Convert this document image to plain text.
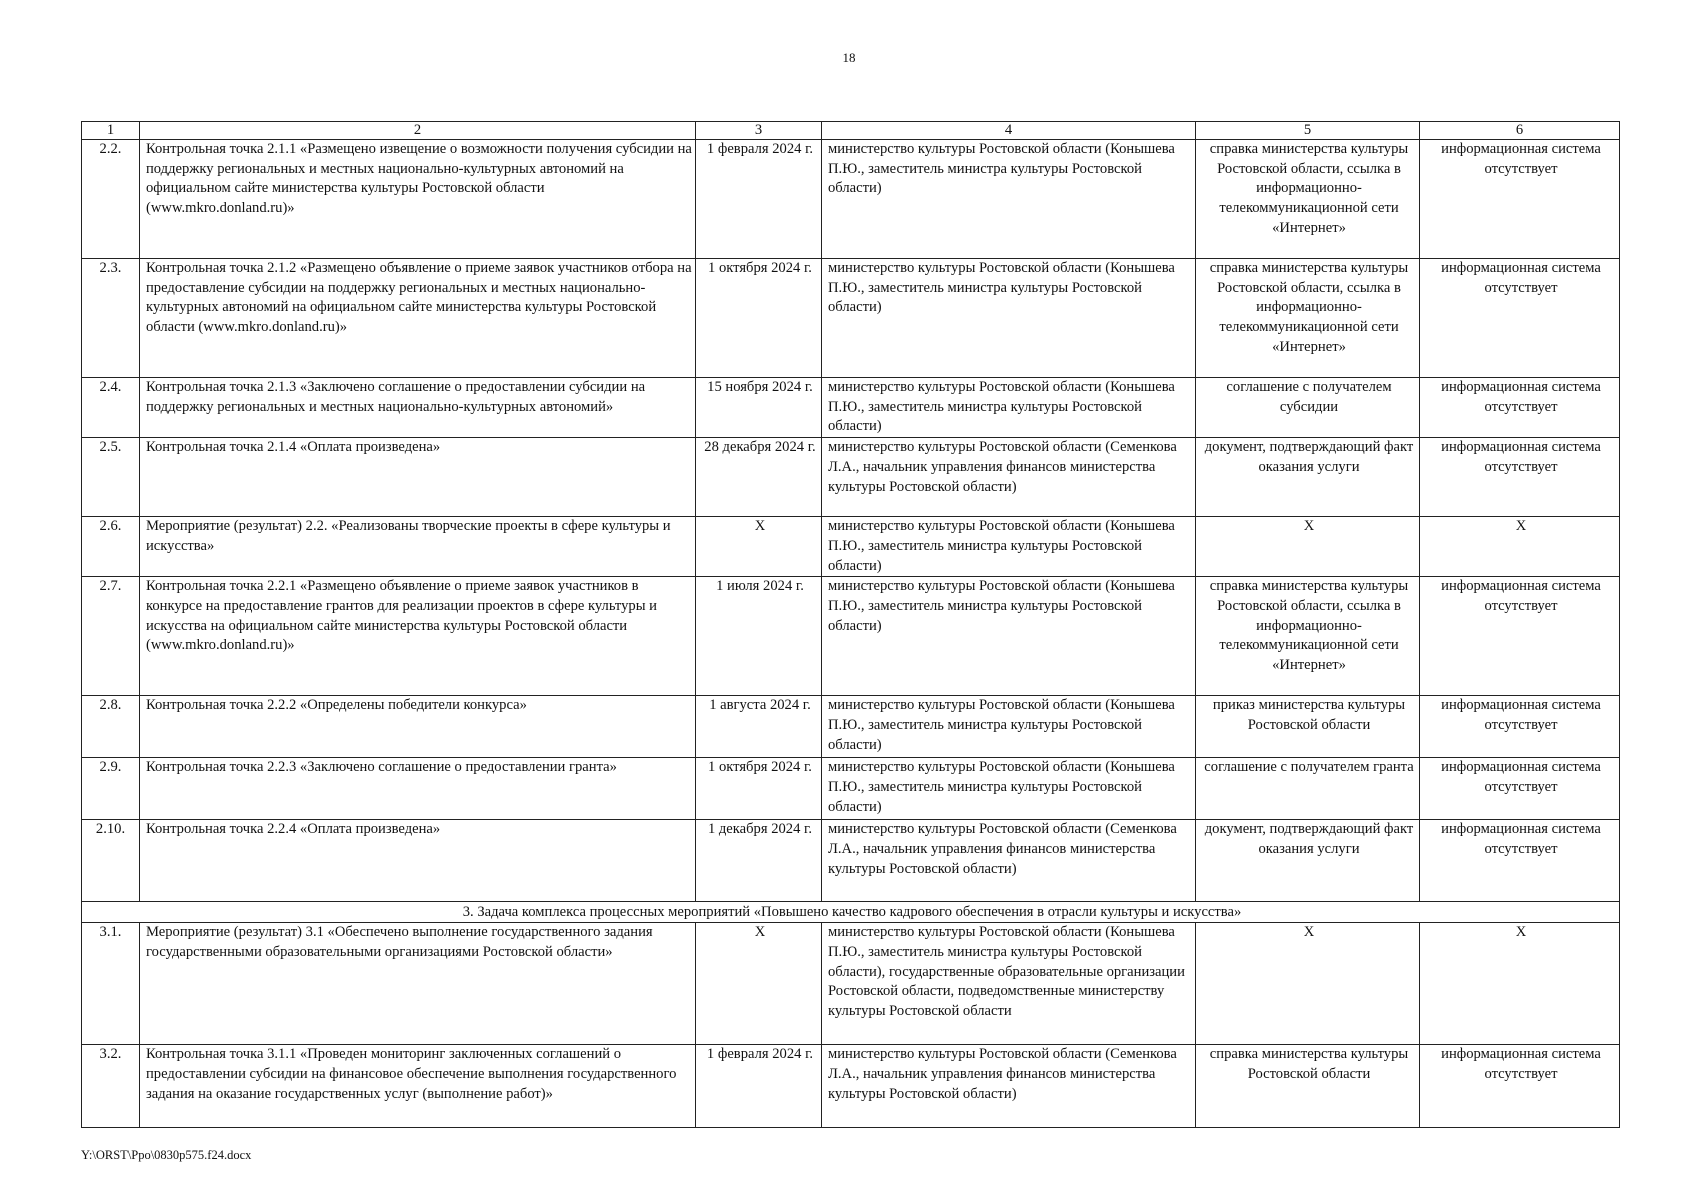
18
1	2	3	4	5	6
2.2.	Контрольная точка 2.1.1 «Размещено извещение о возможности получения субсидии на поддержку региональных и местных национально-культурных автономий на официальном сайте министерства культуры Ростовской области (www.mkro.donland.ru)»	1 февраля 2024 г.	министерство культуры Ростовской области (Конышева П.Ю., заместитель министра культуры Ростовской области)	справка министерства культуры Ростовской области, ссылка в информационно-телекоммуникационной сети «Интернет»	информационная система отсутствует
2.3.	Контрольная точка 2.1.2 «Размещено объявление о приеме заявок участников отбора на предоставление субсидии на поддержку региональных и местных национально-культурных автономий на официальном сайте министерства культуры Ростовской области (www.mkro.donland.ru)»	1 октября 2024 г.	министерство культуры Ростовской области (Конышева П.Ю., заместитель министра культуры Ростовской области)	справка министерства культуры Ростовской области, ссылка в информационно-телекоммуникационной сети «Интернет»	информационная система отсутствует
2.4.	Контрольная точка 2.1.3 «Заключено соглашение о предоставлении субсидии на поддержку региональных и местных национально-культурных автономий»	15 ноября 2024 г.	министерство культуры Ростовской области (Конышева П.Ю., заместитель министра культуры Ростовской области)	соглашение с получателем субсидии	информационная система отсутствует
2.5.	Контрольная точка 2.1.4 «Оплата произведена»	28 декабря 2024 г.	министерство культуры Ростовской области (Семенкова Л.А., начальник управления финансов министерства культуры Ростовской области)	документ, подтверждающий факт оказания услуги	информационная система отсутствует
2.6.	Мероприятие (результат) 2.2. «Реализованы творческие проекты в сфере культуры и искусства»	Х	министерство культуры Ростовской области (Конышева П.Ю., заместитель министра культуры Ростовской области)	Х	Х
2.7.	Контрольная точка 2.2.1 «Размещено объявление о приеме заявок участников в конкурсе на предоставление грантов для реализации проектов в сфере культуры и искусства на официальном сайте министерства культуры Ростовской области (www.mkro.donland.ru)»	1 июля 2024 г.	министерство культуры Ростовской области (Конышева П.Ю., заместитель министра культуры Ростовской области)	справка министерства культуры Ростовской области, ссылка в информационно-телекоммуникационной сети «Интернет»	информационная система отсутствует
2.8.	Контрольная точка 2.2.2 «Определены победители конкурса»	1 августа 2024 г.	министерство культуры Ростовской области (Конышева П.Ю., заместитель министра культуры Ростовской области)	приказ министерства культуры Ростовской области	информационная система отсутствует
2.9.	Контрольная точка 2.2.3 «Заключено соглашение о предоставлении гранта»	1 октября 2024 г.	министерство культуры Ростовской области (Конышева П.Ю., заместитель министра культуры Ростовской области)	соглашение с получателем гранта	информационная система отсутствует
2.10.	Контрольная точка 2.2.4 «Оплата произведена»	1 декабря 2024 г.	министерство культуры Ростовской области (Семенкова Л.А., начальник управления финансов министерства культуры Ростовской области)	документ, подтверждающий факт оказания услуги	информационная система отсутствует
3. Задача комплекса процессных мероприятий «Повышено качество кадрового обеспечения в отрасли культуры и искусства»					
3.1.	Мероприятие (результат) 3.1 «Обеспечено выполнение государственного задания государственными образовательными организациями Ростовской области»	Х	министерство культуры Ростовской области (Конышева П.Ю., заместитель министра культуры Ростовской области), государственные образовательные организации Ростовской области, подведомственные министерству культуры Ростовской области	Х	Х
3.2.	Контрольная точка 3.1.1 «Проведен мониторинг заключенных соглашений о предоставлении субсидии на финансовое обеспечение выполнения государственного задания на оказание государственных услуг (выполнение работ)»	1 февраля 2024 г.	министерство культуры Ростовской области (Семенкова Л.А., начальник управления финансов министерства культуры Ростовской области)	справка министерства культуры Ростовской области	информационная система отсутствует
Y:\ORST\Ppo\0830p575.f24.docx
